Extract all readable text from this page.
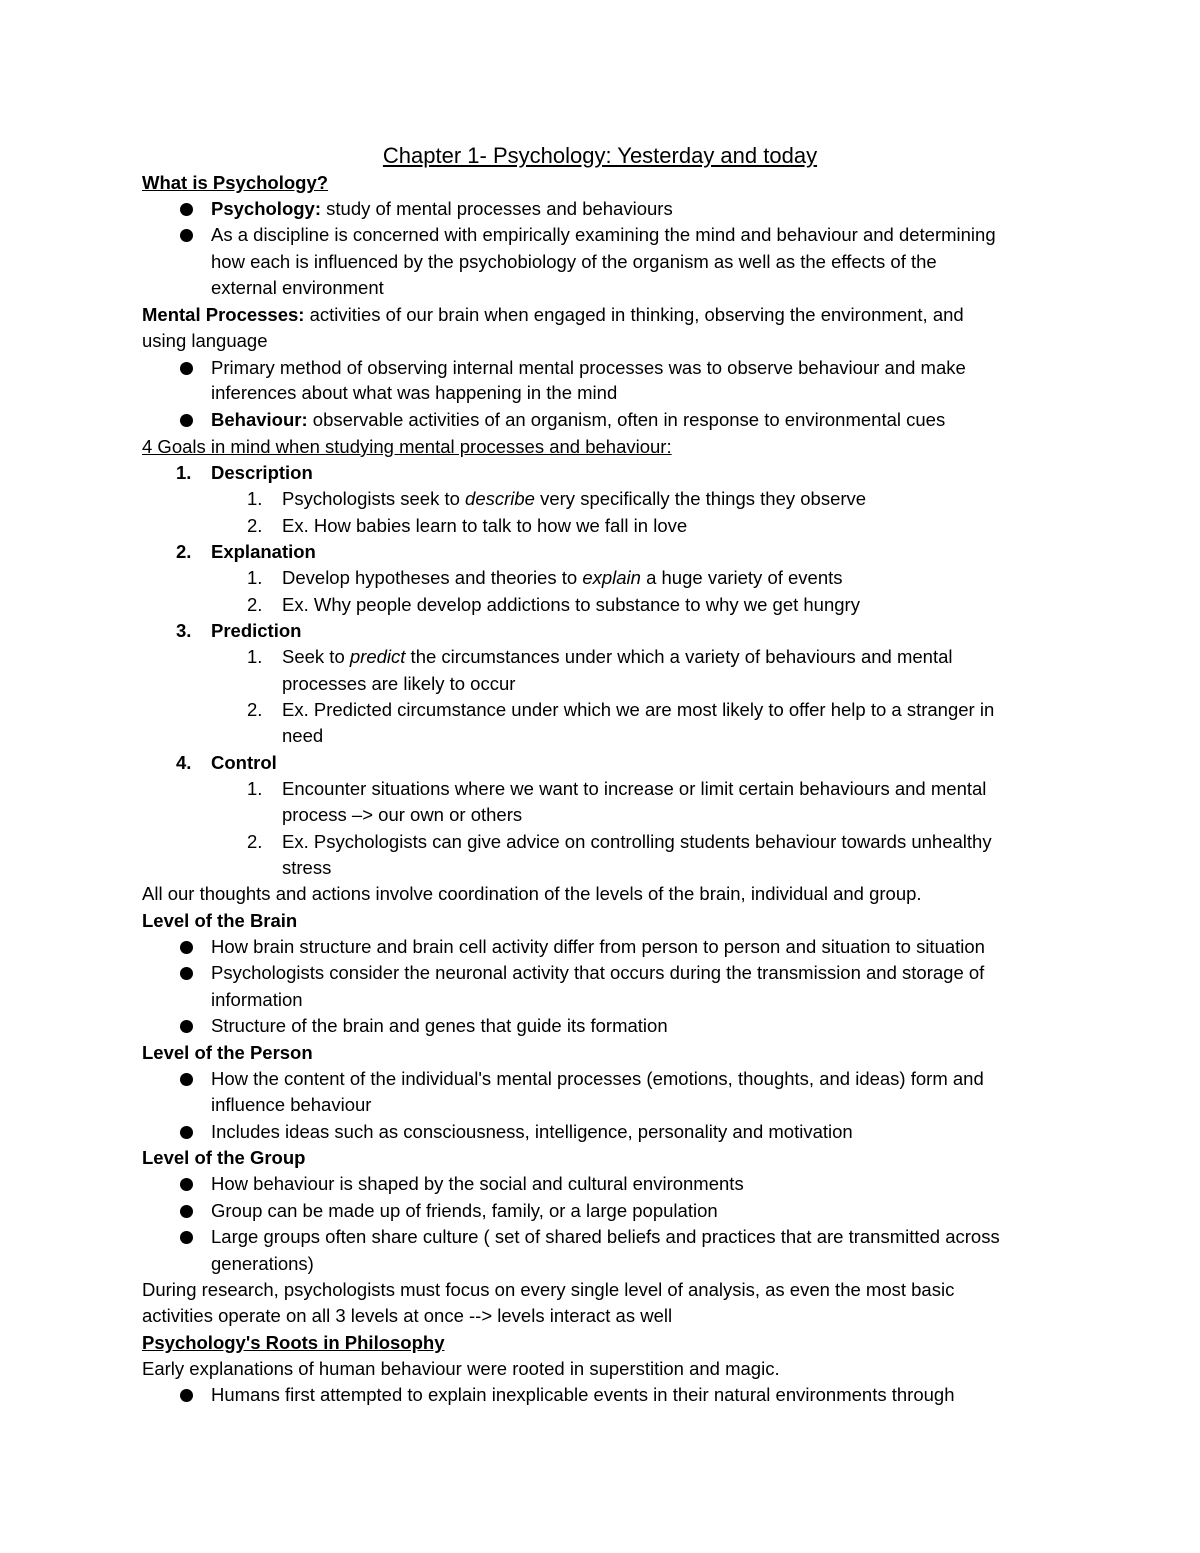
Chapter 1- Psychology: Yesterday and today
What is Psychology?
Psychology: study of mental processes and behaviours
As a discipline is concerned with empirically examining the mind and behaviour and determining
how each is influenced by the psychobiology of the organism as well as the effects of the
external environment
Mental Processes: activities of our brain when engaged in thinking, observing the environment, and
using language
Primary method of observing internal mental processes was to observe behaviour and make
inferences about what was happening in the mind
Behaviour: observable activities of an organism, often in response to environmental cues
4 Goals in mind when studying mental processes and behaviour:
1. Description
1. Psychologists seek to describe very specifically the things they observe
2. Ex. How babies learn to talk to how we fall in love
2. Explanation
1. Develop hypotheses and theories to explain a huge variety of events
2. Ex. Why people develop addictions to substance to why we get hungry
3. Prediction
1. Seek to predict the circumstances under which a variety of behaviours and mental
processes are likely to occur
2. Ex. Predicted circumstance under which we are most likely to offer help to a stranger in
need
4. Control
1. Encounter situations where we want to increase or limit certain behaviours and mental
process –> our own or others
2. Ex. Psychologists can give advice on controlling students behaviour towards unhealthy
stress
All our thoughts and actions involve coordination of the levels of the brain, individual and group.
Level of the Brain
How brain structure and brain cell activity differ from person to person and situation to situation
Psychologists consider the neuronal activity that occurs during the transmission and storage of
information
Structure of the brain and genes that guide its formation
Level of the Person
How the content of the individual's mental processes (emotions, thoughts, and ideas) form and
influence behaviour
Includes ideas such as consciousness, intelligence, personality and motivation
Level of the Group
How behaviour is shaped by the social and cultural environments
Group can be made up of friends, family, or a large population
Large groups often share culture ( set of shared beliefs and practices that are transmitted across
generations)
During research, psychologists must focus on every single level of analysis, as even the most basic
activities operate on all 3 levels at once --> levels interact as well
Psychology's Roots in Philosophy
Early explanations of human behaviour were rooted in superstition and magic.
Humans first attempted to explain inexplicable events in their natural environments through
